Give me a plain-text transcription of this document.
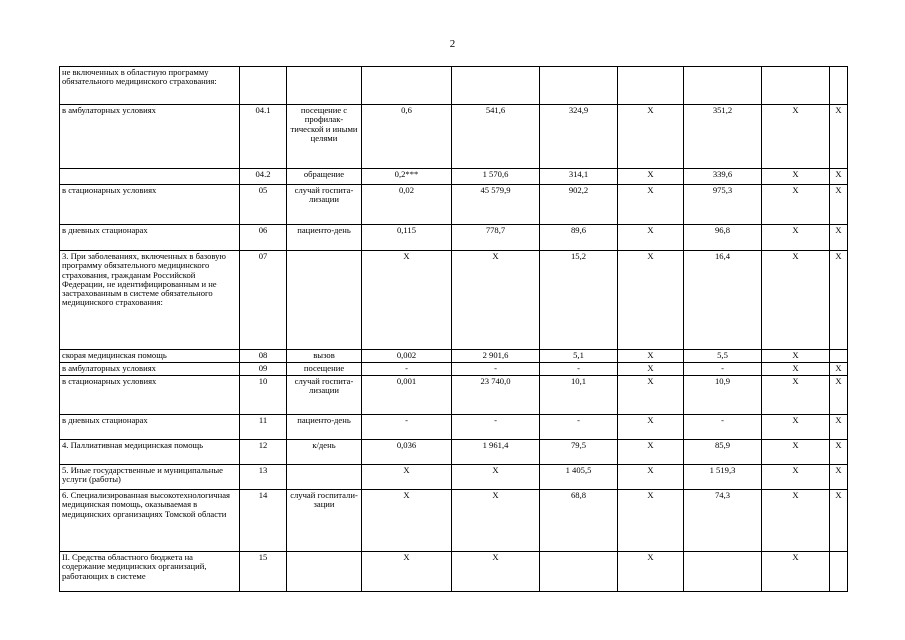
2
не включенных в областную программу обязательного медицинского страхования:									
в амбулаторных условиях	04.1	посещение с профилак-тической и иными целями	0,6	541,6	324,9	X	351,2	X	X
	04.2	обращение	0,2***	1 570,6	314,1	X	339,6	X	X
в стационарных условиях	05	случай госпита-лизации	0,02	45 579,9	902,2	X	975,3	X	X
в дневных стационарах	06	пациенто-день	0,115	778,7	89,6	X	96,8	X	X
3. При заболеваниях, включенных в базовую программу обязательного медицинского страхования, гражданам Российской Федерации, не идентифицированным и не застрахованным в системе обязательного медицинского страхования:	07		X	X	15,2	X	16,4	X	X
скорая медицинская помощь	08	вызов	0,002	2 901,6	5,1	X	5,5	X	
в амбулаторных условиях	09	посещение	-	-	-	X	-	X	X
в стационарных условиях	10	случай госпита-лизации	0,001	23 740,0	10,1	X	10,9	X	X
в дневных стационарах	11	пациенто-день	-	-	-	X	-	X	X
4. Паллиативная медицинская помощь	12	к/день	0,036	1 961,4	79,5	X	85,9	X	X
5. Иные государственные и муниципальные услуги (работы)	13		X	X	1 405,5	X	1 519,3	X	X
6. Специализированная высокотехнологичная медицинская помощь, оказываемая в медицинских организациях Томской области	14	случай госпитали-зации	X	X	68,8	X	74,3	X	X
II. Средства областного бюджета на содержание медицинских организаций, работающих в системе	15		X	X		X		X	
